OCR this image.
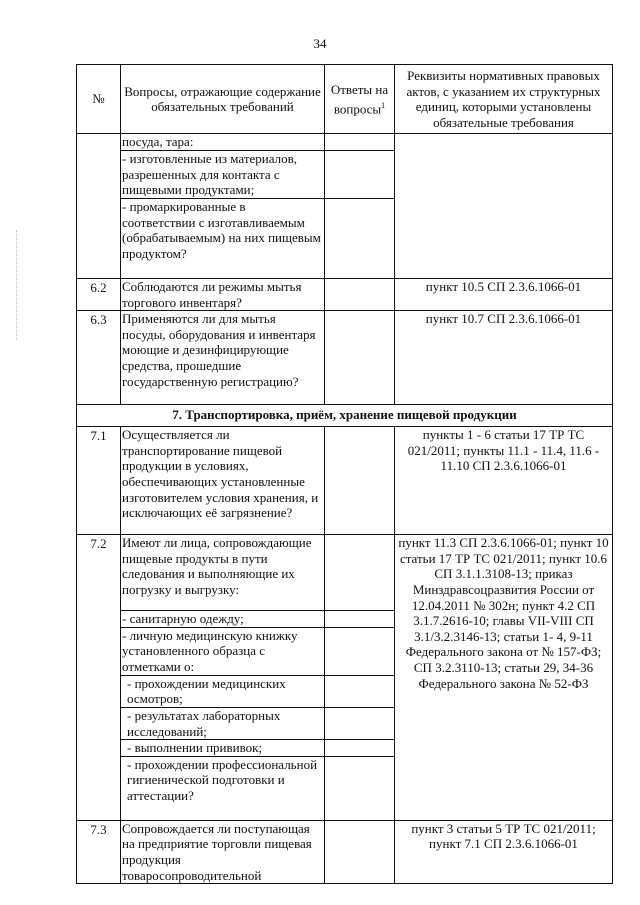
34
№	Вопросы, отражающие содержание обязательных требований	Ответы на вопросы$^1$	Реквизиты нормативных правовых актов, с указанием их структурных единиц, которыми установлены обязательные требования
	посуда, тара:		
	- изготовленные из материалов, разрешенных для контакта с пищевыми продуктами;		
	- промаркированные в соответствии с изготавливаемым (обрабатываемым) на них пищевым продуктом?		
6.2	Соблюдаются ли режимы мытья торгового инвентаря?		пункт 10.5 СП 2.3.6.1066-01
6.3	Применяются ли для мытья посуды, оборудования и инвентаря моющие и дезинфицирующие средства, прошедшие государственную регистрацию?		пункт 10.7 СП 2.3.6.1066-01
7. Транспортировка, приём, хранение пищевой продукции			
7.1	Осуществляется ли транспортирование пищевой продукции в условиях, обеспечивающих установленные изготовителем условия хранения, и исключающих её загрязнение?		пункты 1 - 6 статьи 17 ТР ТС 021/2011; пункты 11.1 - 11.4, 11.6 - 11.10 СП 2.3.6.1066-01
7.2	Имеют ли лица, сопровождающие пищевые продукты в пути следования и выполняющие их погрузку и выгрузку:		пункт 11.3 СП 2.3.6.1066-01; пункт 10 статьи 17 ТР ТС 021/2011; пункт 10.6 СП 3.1.1.3108-13; приказ Минздравсоцразвития России от 12.04.2011 № 302н; пункт 4.2 СП 3.1.7.2616-10; главы VII-VIII СП 3.1/3.2.3146-13; статьи 1- 4, 9-11 Федерального закона от № 157-ФЗ; СП 3.2.3110-13; статьи 29, 34-36 Федерального закона № 52-ФЗ
	- санитарную одежду;		
	- личную медицинскую книжку установленного образца с отметками о:		
	- прохождении медицинских осмотров;		
	- результатах лабораторных исследований;		
	- выполнении прививок;		
	- прохождении профессиональной гигиенической подготовки и аттестации?		
7.3	Сопровождается ли поступающая на предприятие торговли пищевая продукция товаросопроводительной		пункт 3 статьи 5 ТР ТС 021/2011; пункт 7.1 СП 2.3.6.1066-01
